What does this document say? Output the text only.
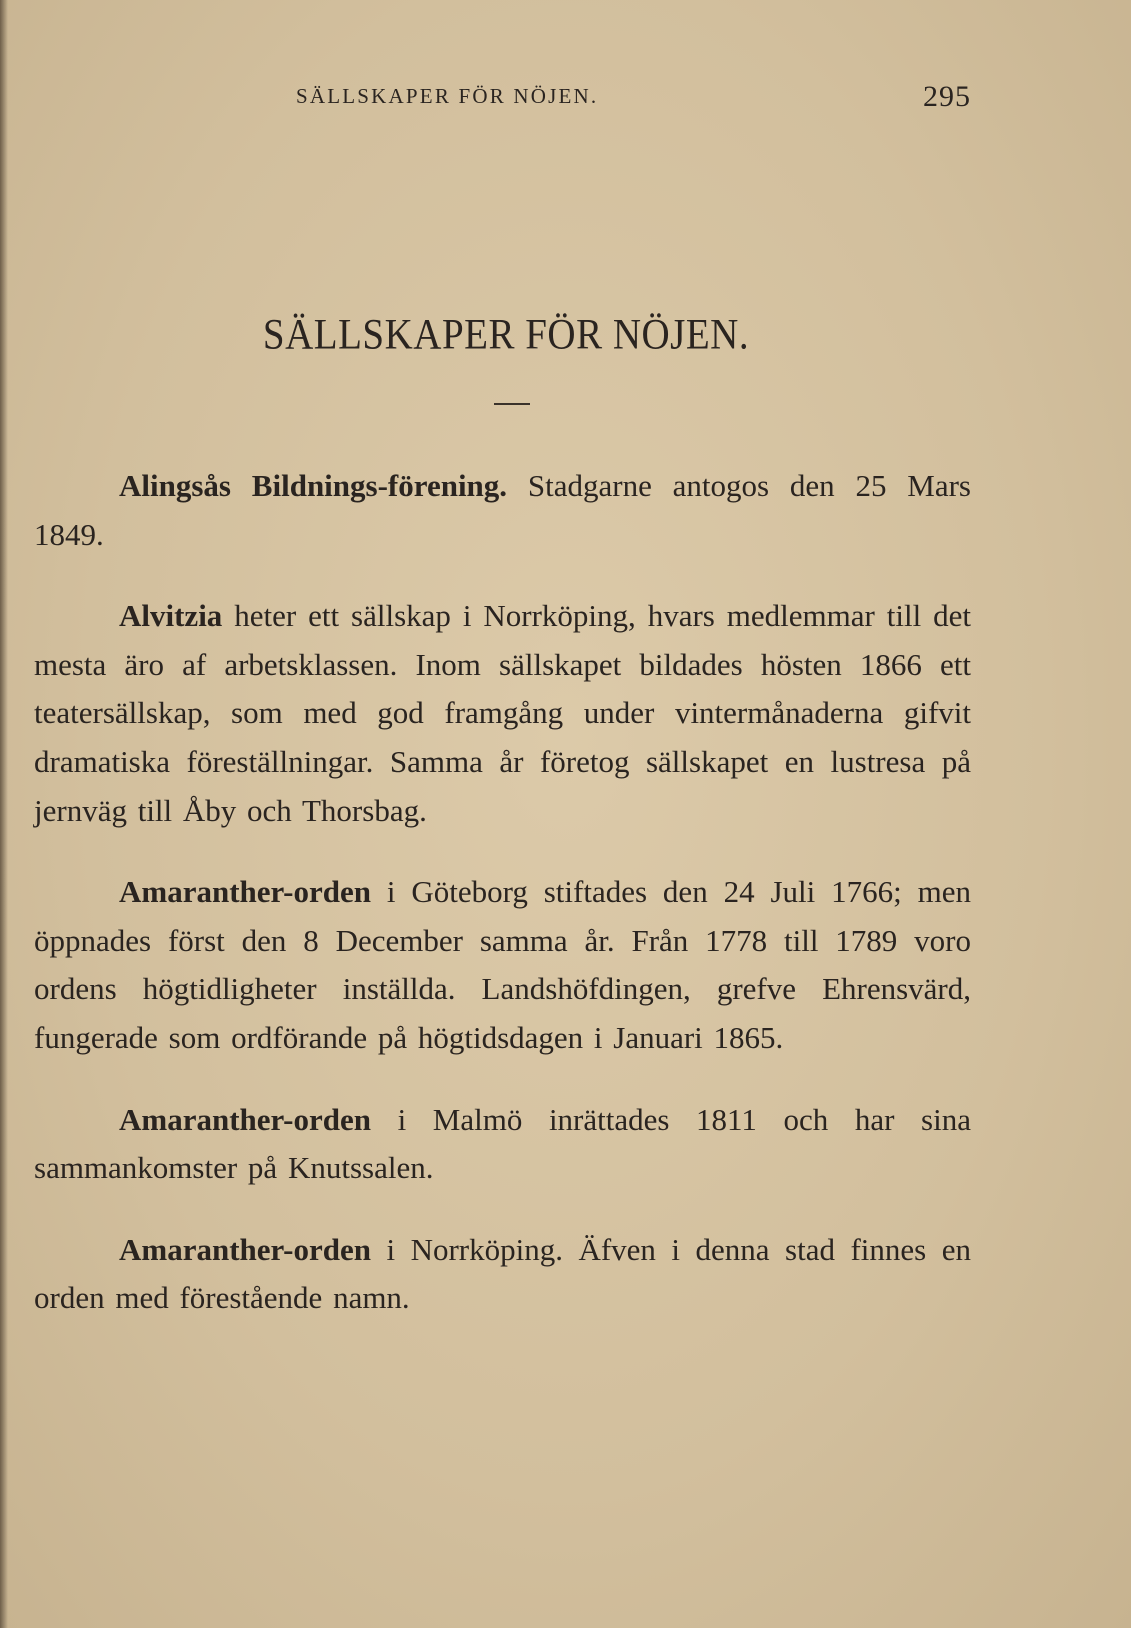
SÄLLSKAPER FÖR NÖJEN.	295
SÄLLSKAPER FÖR NÖJEN.

Alingsås Bildnings-förening. Stadgarne antogos den 25 Mars 1849.

Alvitzia heter ett sällskap i Norrköping, hvars medlemmar till det mesta äro af arbetsklassen. Inom sällskapet bildades hösten 1866 ett teatersällskap, som med god framgång under vintermånaderna gifvit dramatiska föreställningar. Samma år företog sällskapet en lustresa på jernväg till Åby och Thorsbag.

Amaranther-orden i Göteborg stiftades den 24 Juli 1766; men öppnades först den 8 December samma år. Från 1778 till 1789 voro ordens högtidligheter inställda. Landshöfdingen, grefve Ehrensvärd, fungerade som ordförande på högtidsdagen i Januari 1865.

Amaranther-orden i Malmö inrättades 1811 och har sina sammankomster på Knutssalen.

Amaranther-orden i Norrköping. Äfven i denna stad finnes en orden med förestående namn.
